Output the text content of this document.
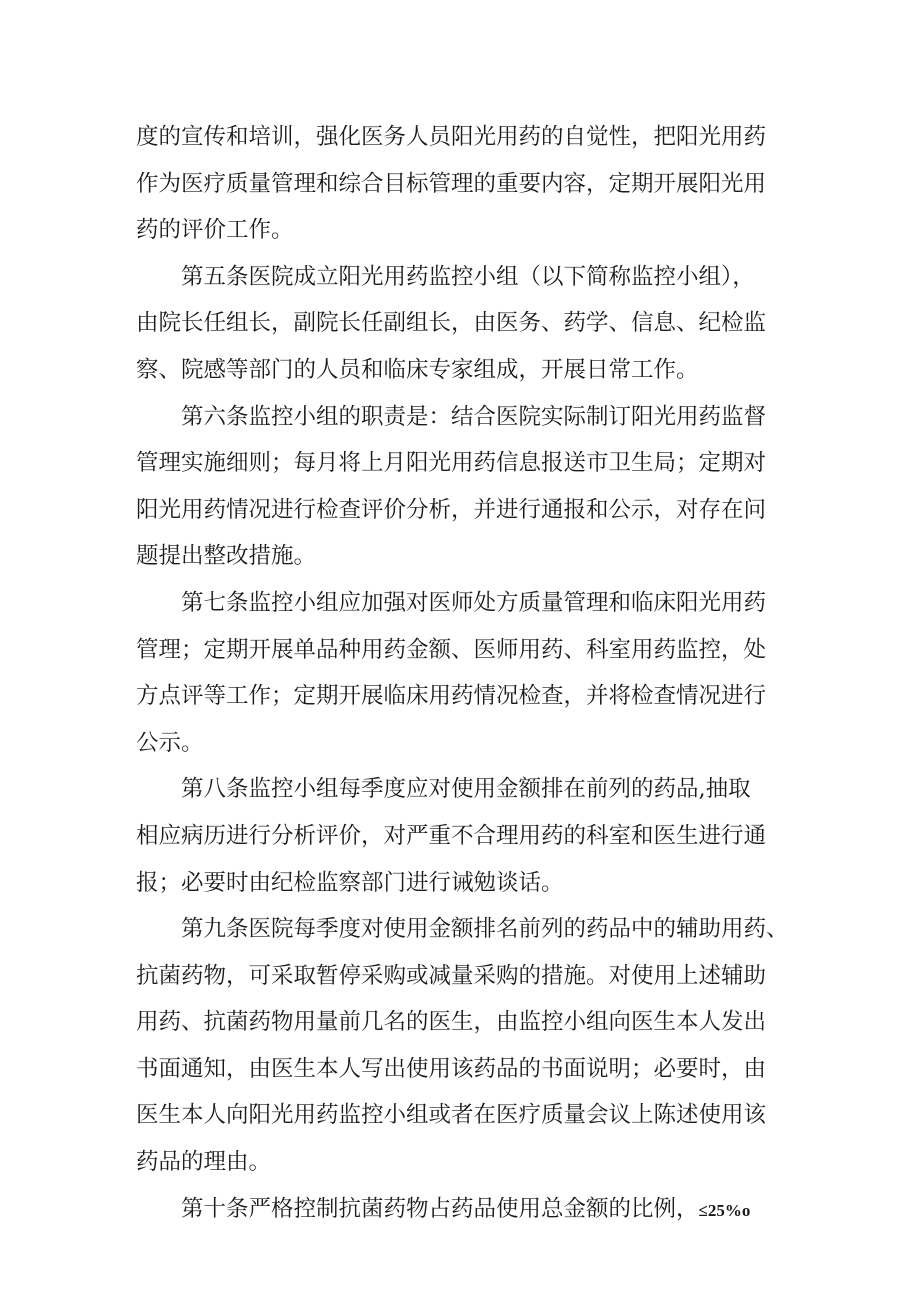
度的宣传和培训，强化医务人员阳光用药的自觉性，把阳光用药
作为医疗质量管理和综合目标管理的重要内容，定期开展阳光用
药的评价工作。
第五条医院成立阳光用药监控小组（以下简称监控小组），
由院长任组长，副院长任副组长，由医务、药学、信息、纪检监
察、院感等部门的人员和临床专家组成，开展日常工作。
第六条监控小组的职责是：结合医院实际制订阳光用药监督
管理实施细则；每月将上月阳光用药信息报送市卫生局；定期对
阳光用药情况进行检查评价分析，并进行通报和公示，对存在问
题提出整改措施。
第七条监控小组应加强对医师处方质量管理和临床阳光用药
管理；定期开展单品种用药金额、医师用药、科室用药监控，处
方点评等工作；定期开展临床用药情况检查，并将检查情况进行
公示。
第八条监控小组每季度应对使用金额排在前列的药品,抽取
相应病历进行分析评价，对严重不合理用药的科室和医生进行通
报；必要时由纪检监察部门进行诫勉谈话。
第九条医院每季度对使用金额排名前列的药品中的辅助用药、
抗菌药物，可采取暂停采购或减量采购的措施。对使用上述辅助
用药、抗菌药物用量前几名的医生，由监控小组向医生本人发出
书面通知，由医生本人写出使用该药品的书面说明；必要时，由
医生本人向阳光用药监控小组或者在医疗质量会议上陈述使用该
药品的理由。
第十条严格控制抗菌药物占药品使用总金额的比例，≤25%o
